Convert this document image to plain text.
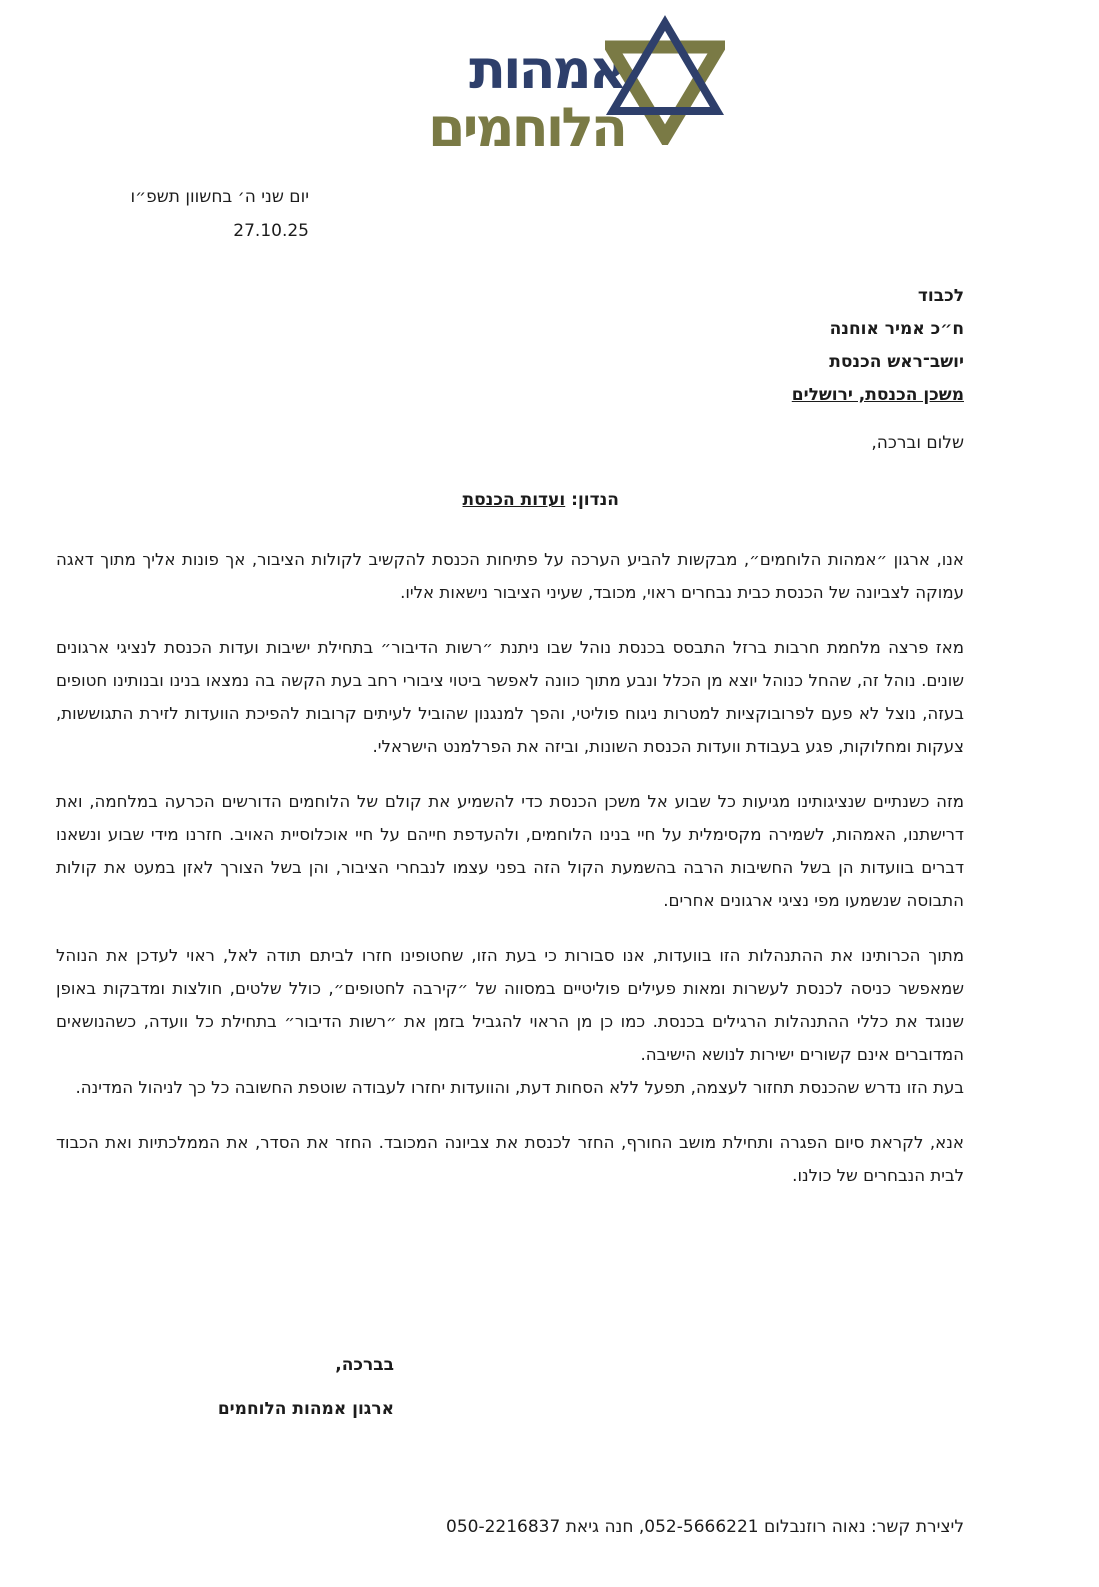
אמהות
הלוחמים
יום שני ה׳ בחשוון תשפ״ו
27.10.25
לכבוד
ח״כ אמיר אוחנה
יושב־ראש הכנסת
משכן הכנסת, ירושלים
שלום וברכה,
הנדון: ועדות הכנסת

אנו, ארגון ״אמהות הלוחמים״, מבקשות להביע הערכה על פתיחות הכנסת להקשיב לקולות הציבור, אך פונות אליך מתוך דאגה עמוקה לצביונה של הכנסת כבית נבחרים ראוי, מכובד, שעיני הציבור נישאות אליו.

מאז פרצה מלחמת חרבות ברזל התבסס בכנסת נוהל שבו ניתנת ״רשות הדיבור״ בתחילת ישיבות ועדות הכנסת לנציגי ארגונים שונים. נוהל זה, שהחל כנוהל יוצא מן הכלל ונבע מתוך כוונה לאפשר ביטוי ציבורי רחב בעת הקשה בה נמצאו בנינו ובנותינו חטופים בעזה, נוצל לא פעם לפרובוקציות למטרות ניגוח פוליטי, והפך למנגנון שהוביל לעיתים קרובות להפיכת הוועדות לזירת התגוששות, צעקות ומחלוקות, פגע בעבודת וועדות הכנסת השונות, וביזה את הפרלמנט הישראלי.

מזה כשנתיים שנציגותינו מגיעות כל שבוע אל משכן הכנסת כדי להשמיע את קולם של הלוחמים הדורשים הכרעה במלחמה, ואת דרישתנו, האמהות, לשמירה מקסימלית על חיי בנינו הלוחמים, ולהעדפת חייהם על חיי אוכלוסיית האויב. חזרנו מידי שבוע ונשאנו דברים בוועדות הן בשל החשיבות הרבה בהשמעת הקול הזה בפני עצמו לנבחרי הציבור, והן בשל הצורך לאזן במעט את קולות התבוסה שנשמעו מפי נציגי ארגונים אחרים.

מתוך הכרותינו את ההתנהלות הזו בוועדות, אנו סבורות כי בעת הזו, שחטופינו חזרו לביתם תודה לאל, ראוי לעדכן את הנוהל שמאפשר כניסה לכנסת לעשרות ומאות פעילים פוליטיים במסווה של ״קירבה לחטופים״, כולל שלטים, חולצות ומדבקות באופן שנוגד את כללי ההתנהלות הרגילים בכנסת. כמו כן מן הראוי להגביל בזמן את ״רשות הדיבור״ בתחילת כל וועדה, כשהנושאים המדוברים אינם קשורים ישירות לנושא הישיבה.

בעת הזו נדרש שהכנסת תחזור לעצמה, תפעל ללא הסחות דעת, והוועדות יחזרו לעבודה שוטפת החשובה כל כך לניהול המדינה.

אנא, לקראת סיום הפגרה ותחילת מושב החורף, החזר לכנסת את צביונה המכובד. החזר את הסדר, את הממלכתיות ואת הכבוד לבית הנבחרים של כולנו.

בברכה,
ארגון אמהות הלוחמים
ליצירת קשר: נאוה רוזנבלום 052-5666221, חנה גיאת 050-2216837
